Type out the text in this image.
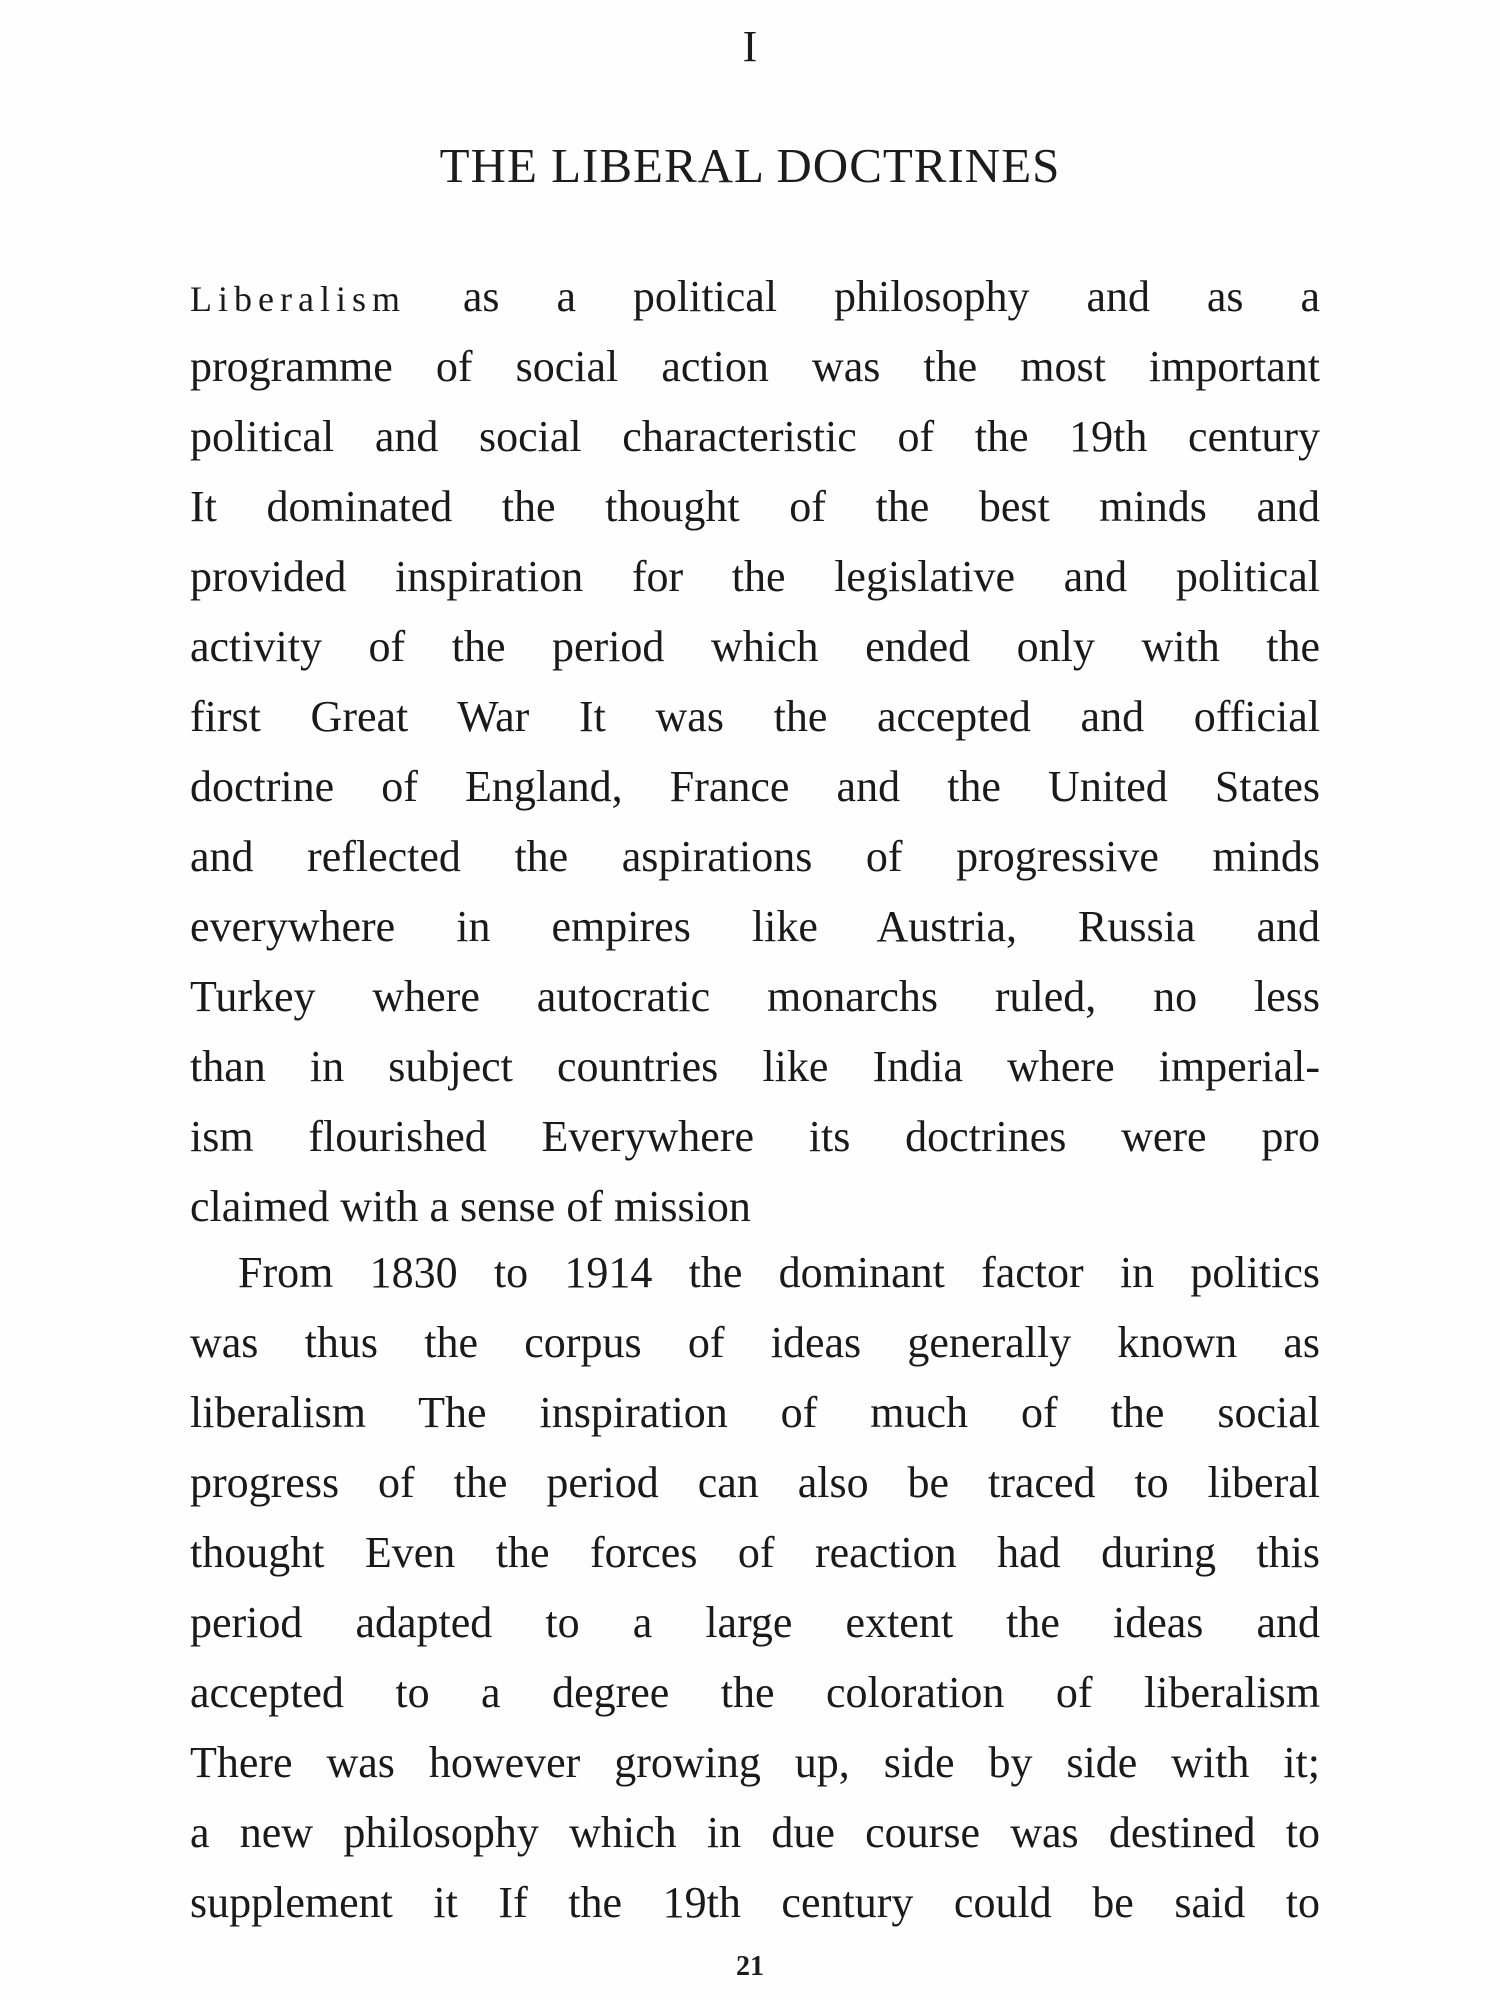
I
THE LIBERAL DOCTRINES
Liberalism as a political philosophy and as a
programme of social action was the most important
political and social characteristic of the 19th century
It dominated the thought of the best minds and
provided inspiration for the legislative and political
activity of the period which ended only with the
first Great War It was the accepted and official
doctrine of England, France and the United States
and reflected the aspirations of progressive minds
everywhere in empires like Austria, Russia and
Turkey where autocratic monarchs ruled, no less
than in subject countries like India where imperial-
ism flourished Everywhere its doctrines were pro
claimed with a sense of mission
From 1830 to 1914 the dominant factor in politics
was thus the corpus of ideas generally known as
liberalism The inspiration of much of the social
progress of the period can also be traced to liberal
thought Even the forces of reaction had during this
period adapted to a large extent the ideas and
accepted to a degree the coloration of liberalism
There was however growing up, side by side with it;
a new philosophy which in due course was destined to
supplement it If the 19th century could be said to
21
